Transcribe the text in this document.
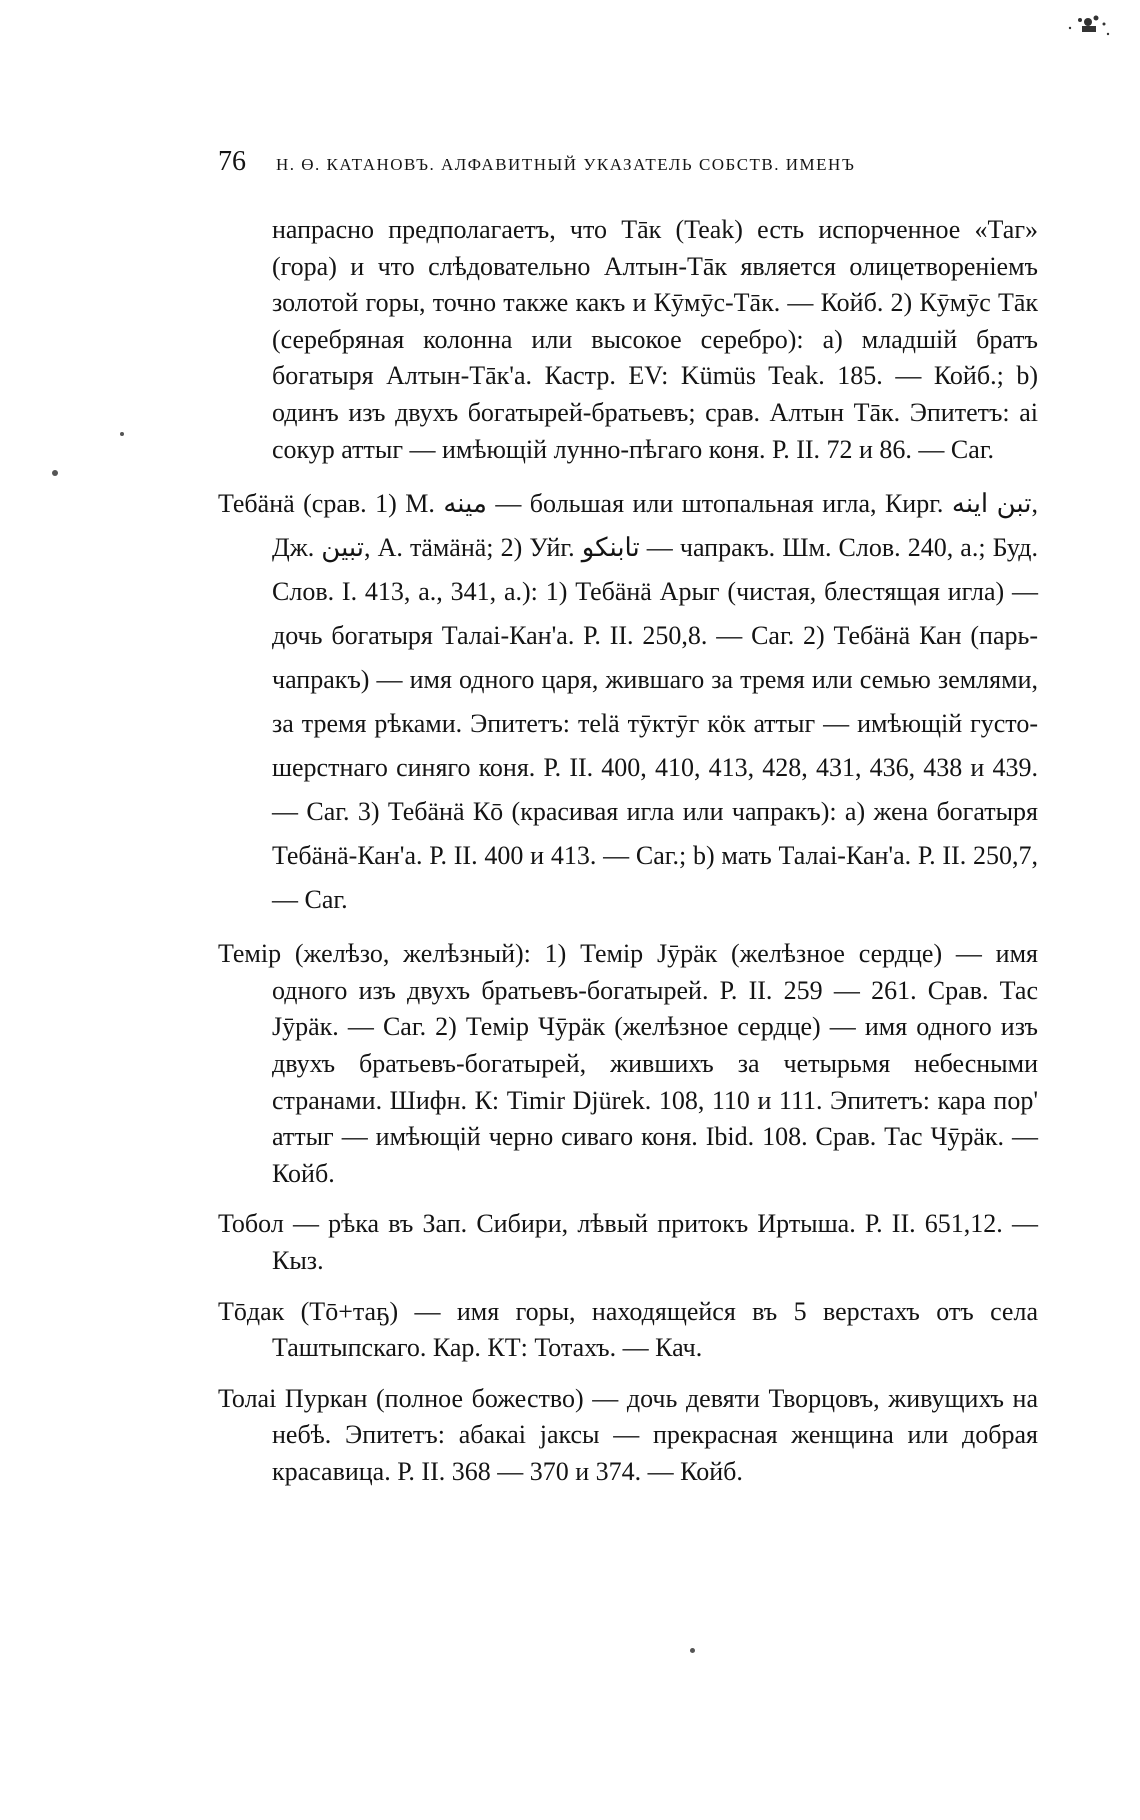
76 Н. Ө. КАТАНОВЪ. АЛФАВИТНЫЙ УКАЗАТЕЛЬ СОБСТВ. ИМЕНЪ

напрасно предполагаетъ, что Тāк (Teak) есть испорченное «Таг» (гора) и что слѣдовательно Алтын-Тāк является олицетвореніемъ золотой горы, точно также какъ и Кӯмӯс-Тāк. — Койб. 2) Кӯмӯс Тāк (серебряная колонна или высокое серебро): а) младшій братъ богатыря Алтын-Тāк'а. Кастр. EV: Kümüs Teak. 185. — Койб.; b) одинъ изъ двухъ богатырей-братьевъ; срав. Алтын Тāк. Эпитетъ: аі сокур аттыг — имѣющій лунно-пѣгаго коня. Р. II. 72 и 86. — Саг.

Тебӓнӓ (срав. 1) М. ﻣﯿﻨﻪ — большая или штопальная игла, Кирг. تبن اينه, Дж. تبين, А. тӓмӓнӓ; 2) Уйг. تابنكو — чапракъ. Шм. Слов. 240, а.; Буд. Слов. I. 413, а., 341, а.): 1) Тебӓнӓ Арыг (чистая, блестящая игла) — дочь богатыря Талаі-Кан'а. Р. II. 250,8. — Саг. 2) Тебӓнӓ Кан (парь-чапракъ) — имя одного царя, жившаго за тремя или семью землями, за тремя рѣками. Эпитетъ: теlӓ тӯктӯг кӧк аттыг — имѣющій густо-шерстнаго синяго коня. Р. II. 400, 410, 413, 428, 431, 436, 438 и 439. — Саг. 3) Тебӓнӓ Кō (красивая игла или чапракъ): а) жена богатыря Тебӓнӓ-Кан'а. Р. II. 400 и 413. — Саг.; b) мать Талаі-Кан'а. Р. II. 250,7, — Саг.

Темір (желѣзо, желѣзный): 1) Темір Јӯрӓк (желѣзное сердце) — имя одного изъ двухъ братьевъ-богатырей. Р. II. 259 — 261. Срав. Тас Јӯрӓк. — Саг. 2) Темір Чӯрӓк (желѣзное сердце) — имя одного изъ двухъ братьевъ-богатырей, жившихъ за четырьмя небесными странами. Шифн. К: Timir Djürek. 108, 110 и 111. Эпитетъ: кара пор' аттыг — имѣющій черно сиваго коня. Ibid. 108. Срав. Тас Чӯрӓк. — Койб.

Тобол — рѣка въ Зап. Сибири, лѣвый притокъ Иртыша. Р. II. 651,12. — Кыз.

Тōдак (Тō+таҕ) — имя горы, находящейся въ 5 верстахъ отъ села Таштыпскаго. Кар. КТ: Тотахъ. — Кач.

Толаі Пуркан (полное божество) — дочь девяти Творцовъ, живущихъ на небѣ. Эпитетъ: абакаі јаксы — прекрасная женщина или добрая красавица. Р. II. 368 — 370 и 374. — Койб.
